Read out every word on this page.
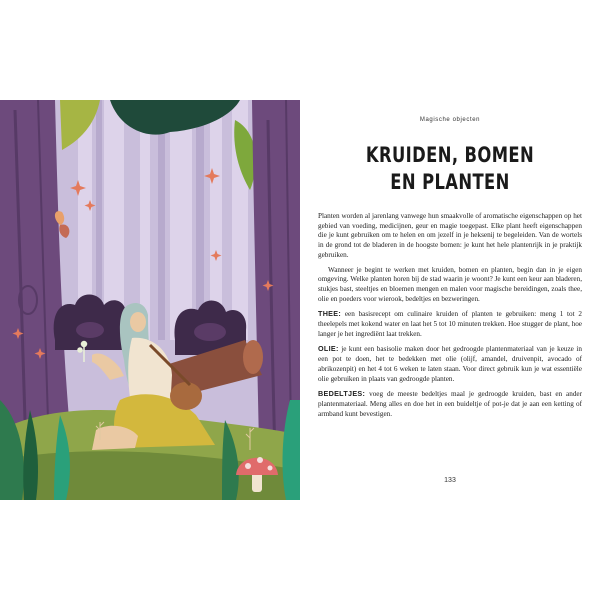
Magische objecten
KRUIDEN, BOMEN
EN PLANTEN

Planten worden al jarenlang vanwege hun smaakvolle of aromatische eigenschappen op het gebied van voeding, medicijnen, geur en magie toegepast. Elke plant heeft eigenschappen die je kunt gebruiken om te helen en om jezelf in je heksenij te begeleiden. Van de wortels in de grond tot de bladeren in de hoogste bomen: je kunt het hele plantenrijk in je praktijk gebruiken.

Wanneer je begint te werken met kruiden, bomen en planten, begin dan in je eigen omgeving. Welke planten horen bij de stad waarin je woont? Je kunt een keur aan bladeren, stukjes bast, steeltjes en bloemen mengen en malen voor magische bereidingen, zoals thee, olie en poeders voor wierook, bedeltjes en bezweringen.

THEE: een basisrecept om culinaire kruiden of planten te gebruiken: meng 1 tot 2 theelepels met kokend water en laat het 5 tot 10 minuten trekken. Hoe stugger de plant, hoe langer je het ingrediënt laat trekken.

OLIE: je kunt een basisolie maken door het gedroogde plantenmateriaal van je keuze in een pot te doen, het te bedekken met olie (olijf, amandel, druivenpit, avocado of abrikozenpit) en het 4 tot 6 weken te laten staan. Voor direct gebruik kun je wat essentiële olie gebruiken in plaats van gedroogde planten.

BEDELTJES: voeg de meeste bedeltjes maal je gedroogde kruiden, bast en ander plantenmateriaal. Meng alles en doe het in een buideltje of pot-je dat je aan een ketting of armband kunt bevestigen.

133
